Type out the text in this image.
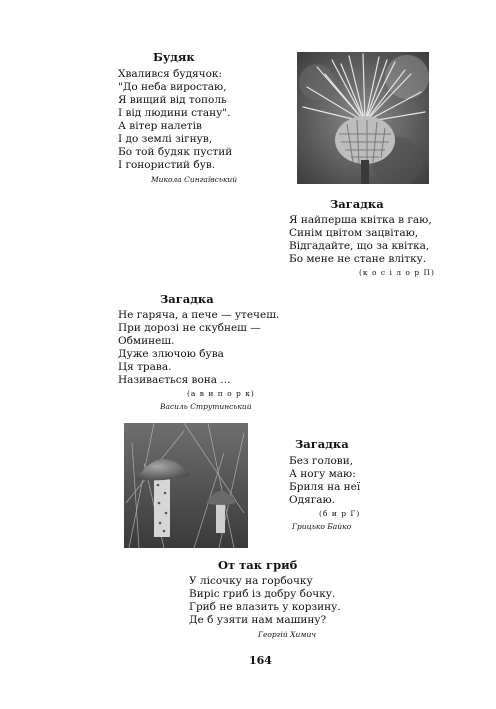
Будяк
Хвалився будячок:
"До неба виростаю,
Я вищий від тополь
І від людини стану".
А вітер налетів
І до землі зігнув,
Бо той будяк пустий
І гонористий був.
Микола Сингаївський
Загадка
Я найперша квітка в гаю,
Синім цвітом зацвітаю,
Відгадайте, що за квітка,
Бо мене не стане влітку.
(к о с і л о р П)
Загадка
Не гаряча, а пече — утечеш.
При дорозі не скубнеш —
Обминеш.
Дуже злючою бува
Ця трава.
Називається вона ...
(а в и п о р к)
Василь Струтинський
Загадка
Без голови,
А ногу маю:
Бриля на неї
Одягаю.
(б и р Г)
Грицько Байко
От так гриб
У лісочку на горбочку
Виріс гриб із добру бочку.
Гриб не влазить у корзину.
Де б узяти нам машину?
Георгій Химич
164
